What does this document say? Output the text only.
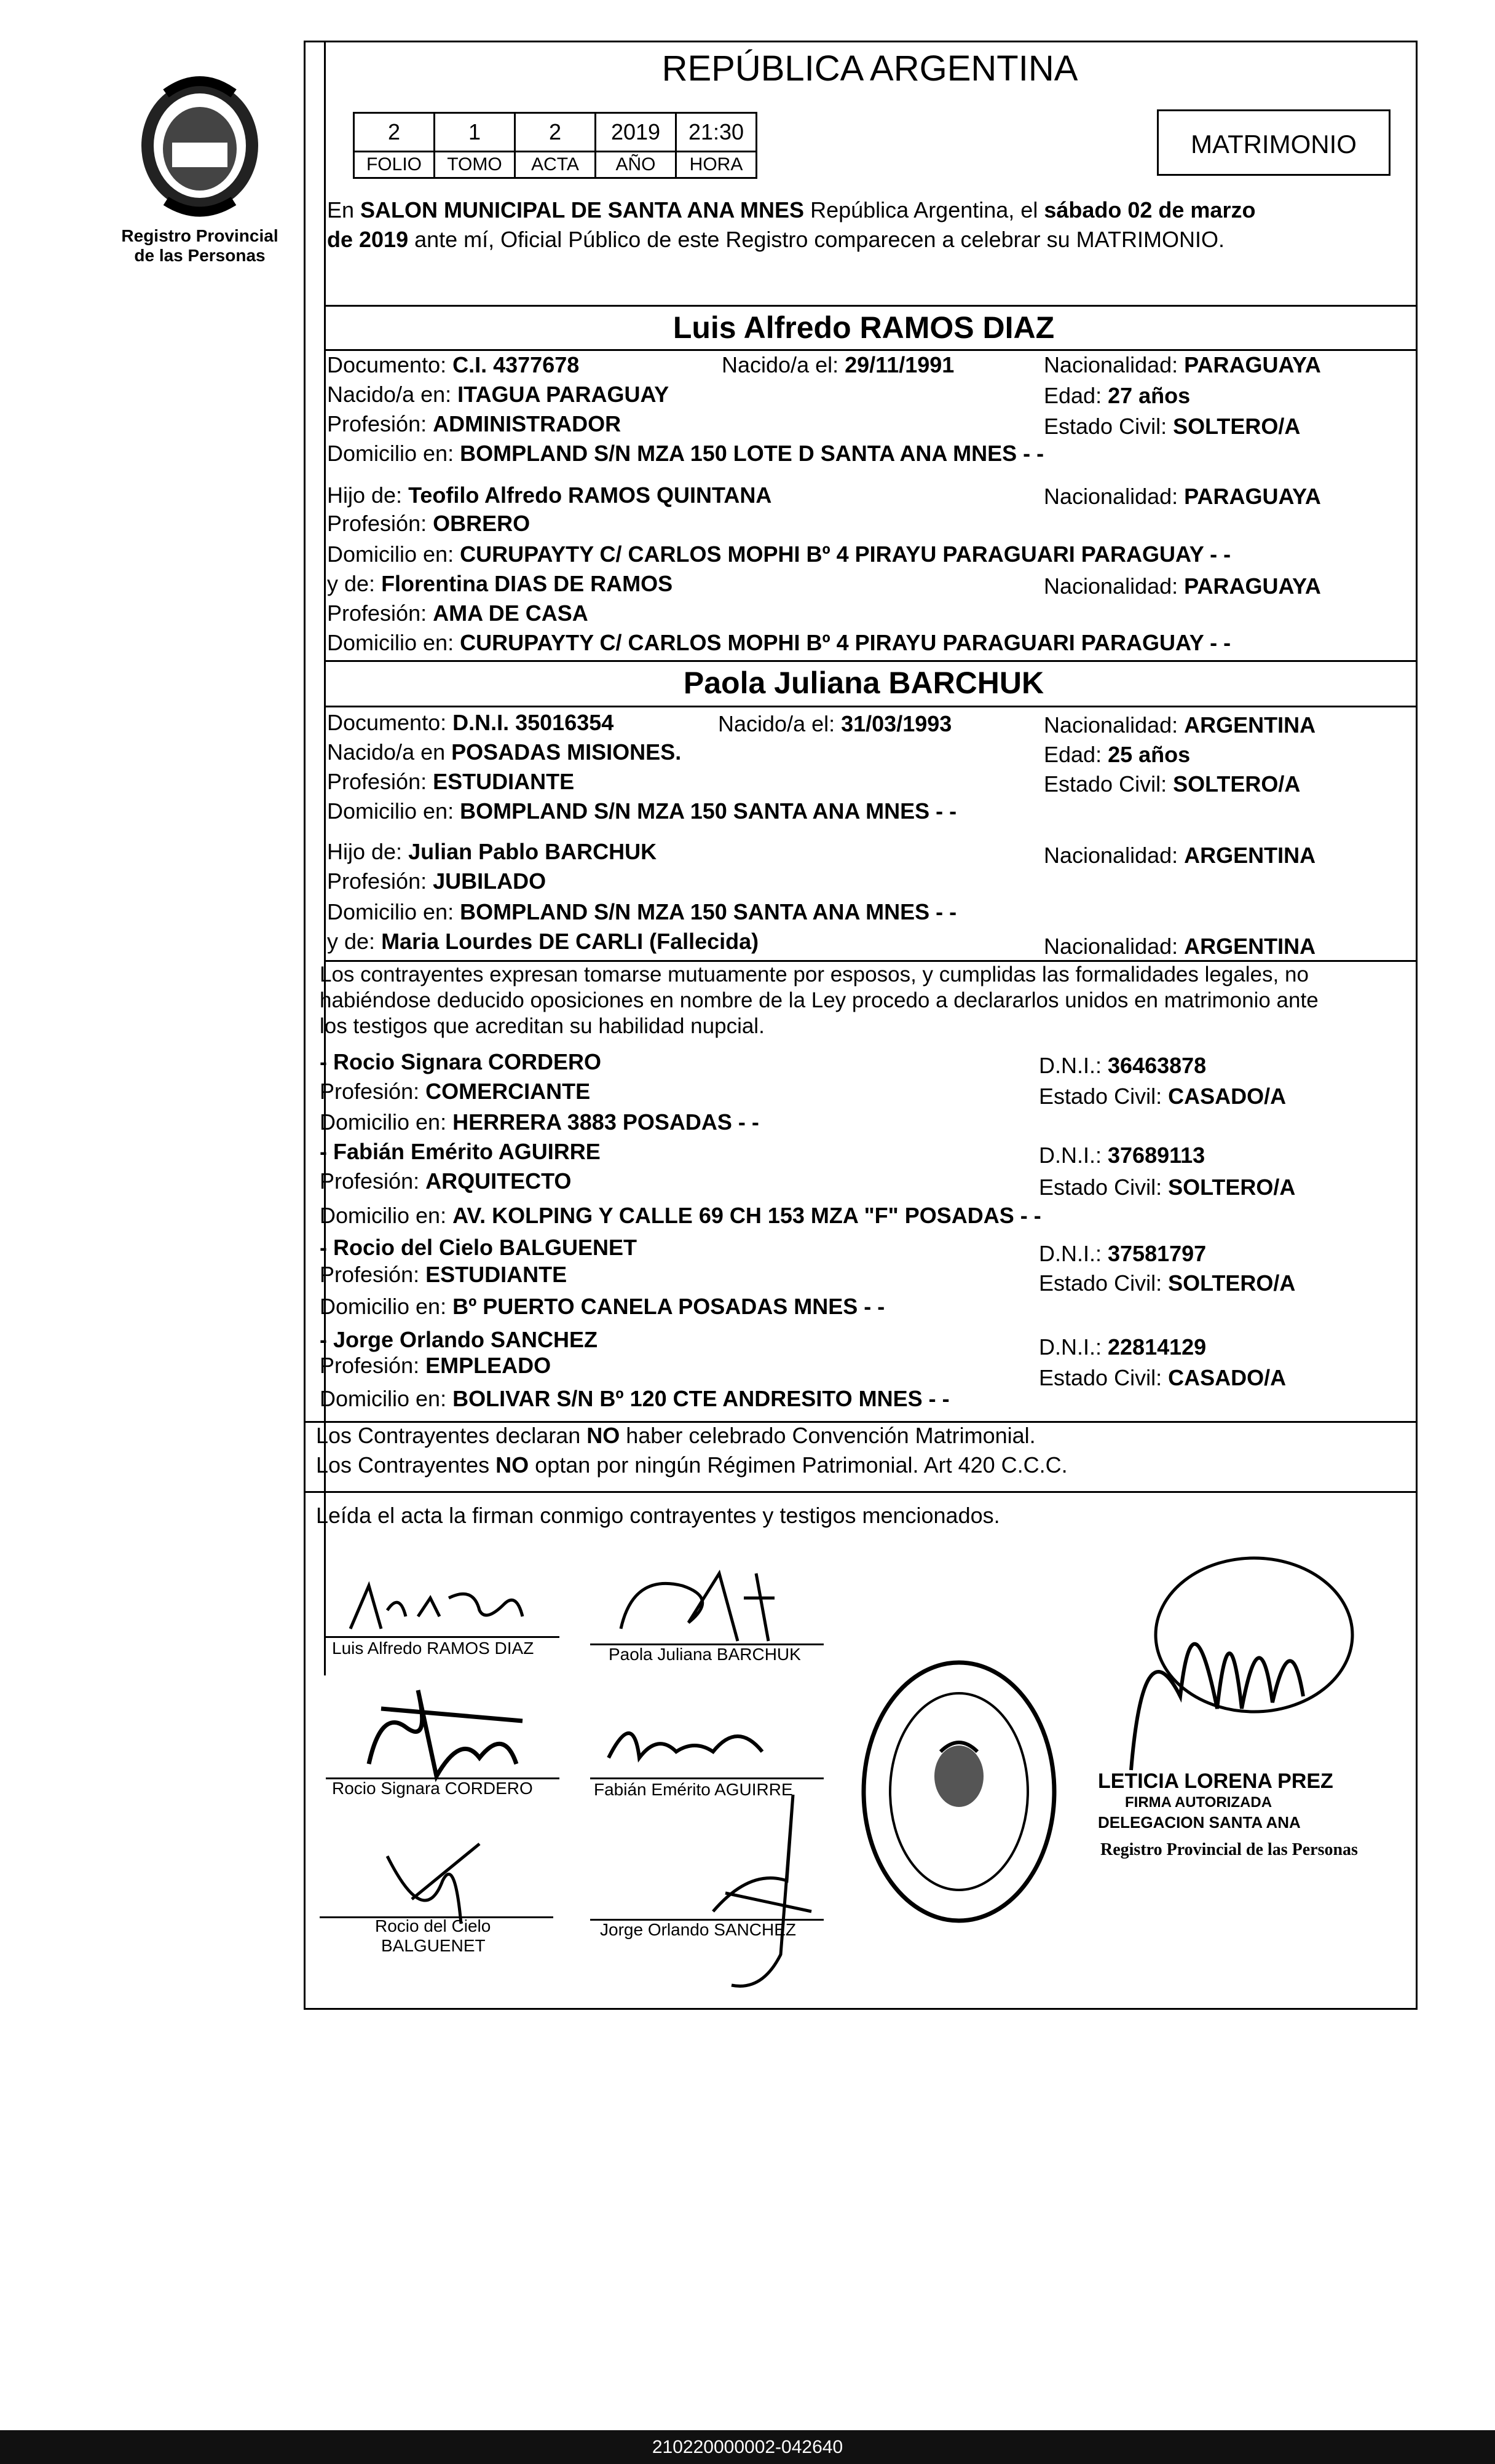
Registro Provincial
de las Personas
REPÚBLICA ARGENTINA
2	1	2	2019	21:30
FOLIO	TOMO	ACTA	AÑO	HORA
MATRIMONIO
En SALON MUNICIPAL DE SANTA ANA MNES República Argentina, el sábado 02 de marzo
de 2019 ante mí, Oficial Público de este Registro comparecen a celebrar su MATRIMONIO.
Luis Alfredo RAMOS DIAZ
Documento: C.I. 4377678	Nacido/a el: 29/11/1991	Nacionalidad: PARAGUAYA
Nacido/a en: ITAGUA PARAGUAY	Edad: 27 años
Profesión: ADMINISTRADOR	Estado Civil: SOLTERO/A
Domicilio en: BOMPLAND S/N MZA 150 LOTE D SANTA ANA MNES - -
Hijo de: Teofilo Alfredo RAMOS QUINTANA	Nacionalidad: PARAGUAYA
Profesión: OBRERO
Domicilio en: CURUPAYTY C/ CARLOS MOPHI Bº 4 PIRAYU PARAGUARI PARAGUAY - -
y de: Florentina DIAS DE RAMOS	Nacionalidad: PARAGUAYA
Profesión: AMA DE CASA
Domicilio en: CURUPAYTY C/ CARLOS MOPHI Bº 4 PIRAYU PARAGUARI PARAGUAY - -
Paola Juliana BARCHUK
Documento: D.N.I. 35016354	Nacido/a el: 31/03/1993	Nacionalidad: ARGENTINA
Nacido/a en POSADAS MISIONES.	Edad: 25 años
Profesión: ESTUDIANTE	Estado Civil: SOLTERO/A
Domicilio en: BOMPLAND S/N MZA 150 SANTA ANA MNES - -
Hijo de: Julian Pablo BARCHUK	Nacionalidad: ARGENTINA
Profesión: JUBILADO
Domicilio en: BOMPLAND S/N MZA 150 SANTA ANA MNES - -
y de: Maria Lourdes DE CARLI (Fallecida)	Nacionalidad: ARGENTINA
Los contrayentes expresan tomarse mutuamente por esposos, y cumplidas las formalidades legales, no
habiéndose deducido oposiciones en nombre de la Ley procedo a declararlos unidos en matrimonio ante
los testigos que acreditan su habilidad nupcial.
- Rocio Signara CORDERO	D.N.I.: 36463878
Profesión: COMERCIANTE	Estado Civil: CASADO/A
Domicilio en: HERRERA 3883 POSADAS - -
- Fabián Emérito AGUIRRE	D.N.I.: 37689113
Profesión: ARQUITECTO	Estado Civil: SOLTERO/A
Domicilio en: AV. KOLPING Y CALLE 69 CH 153 MZA "F" POSADAS - -
- Rocio del Cielo BALGUENET	D.N.I.: 37581797
Profesión: ESTUDIANTE	Estado Civil: SOLTERO/A
Domicilio en: Bº PUERTO CANELA POSADAS MNES - -
- Jorge Orlando SANCHEZ	D.N.I.: 22814129
Profesión: EMPLEADO	Estado Civil: CASADO/A
Domicilio en: BOLIVAR S/N Bº 120 CTE ANDRESITO MNES - -
Los Contrayentes declaran NO haber celebrado Convención Matrimonial.
Los Contrayentes NO optan por ningún Régimen Patrimonial. Art 420 C.C.C.
Leída el acta la firman conmigo contrayentes y testigos mencionados.
Luis Alfredo RAMOS DIAZ	Paola Juliana BARCHUK
Rocio Signara CORDERO	Fabián Emérito AGUIRRE
Rocio del Cielo
BALGUENET
Jorge Orlando SANCHEZ
LETICIA LORENA PREZ
FIRMA AUTORIZADA
DELEGACION SANTA ANA
Registro Provincial de las Personas
210220000002-042640
